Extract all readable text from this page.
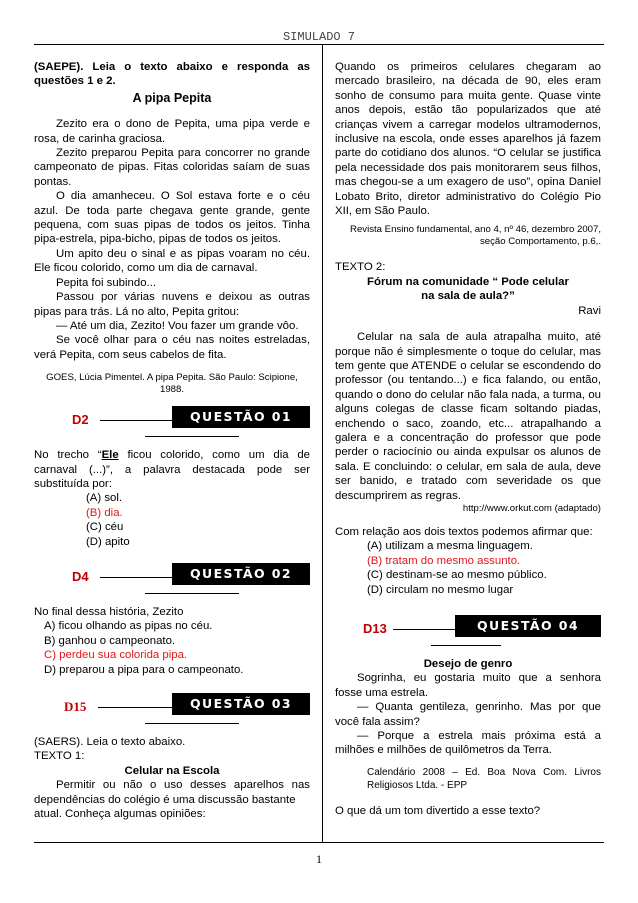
SIMULADO 7

(SAEPE). Leia o texto abaixo e responda as questões 1 e 2.

A pipa Pepita

Zezito era o dono de Pepita, uma pipa verde e rosa, de carinha graciosa.

Zezito preparou Pepita para concorrer no grande campeonato de pipas. Fitas coloridas saíam de suas pontas.

O dia amanheceu. O Sol estava forte e o céu azul. De toda parte chegava gente grande, gente pequena, com suas pipas de todos os jeitos. Tinha pipa-estrela, pipa-bicho, pipas de todos os jeitos.

Um apito deu o sinal e as pipas voaram no céu. Ele ficou colorido, como um dia de carnaval.

Pepita foi subindo...

Passou por várias nuvens e deixou as outras pipas para trás. Lá no alto, Pepita gritou:

— Até um dia, Zezito! Vou fazer um grande vôo.

Se você olhar para o céu nas noites estreladas, verá Pepita, com seus cabelos de fita.

GOES, Lúcia Pimentel. A pipa Pepita. São Paulo: Scipione, 1988.
D2	QUESTÃO 01

No trecho “Ele ficou colorido, como um dia de carnaval (...)”, a palavra destacada pode ser substituída por:

(A) sol.
(B) dia.
(C) céu
(D) apito
D4	QUESTÃO 02

No final dessa história, Zezito

A) ficou olhando as pipas no céu.
B) ganhou o campeonato.
C) perdeu sua colorida pipa.
D) preparou a pipa para o campeonato.
D15	QUESTÃO 03

(SAERS). Leia o texto abaixo.

TEXTO 1:

Celular na Escola

Permitir ou não o uso desses aparelhos nas dependências do colégio é uma discussão bastante

atual. Conheça algumas opiniões:

Quando os primeiros celulares chegaram ao mercado brasileiro, na década de 90, eles eram sonho de consumo para muita gente. Quase vinte anos depois, estão tão popularizados que até crianças vivem a carregar modelos ultramodernos, inclusive na escola, onde esses aparelhos já fazem parte do cotidiano dos alunos. “O celular se justifica pela necessidade dos pais monitorarem seus filhos, mas chegou-se a um exagero de uso”, opina Daniel Lobato Brito, diretor administrativo do Colégio Pio XII, em São Paulo.

Revista Ensino fundamental, ano 4, nº 46, dezembro 2007, seção Comportamento, p.6,.

TEXTO 2:

Fórum na comunidade “ Pode celular

na sala de aula?”

Ravi

Celular na sala de aula atrapalha muito, até porque não é simplesmente o toque do celular, mas tem gente que ATENDE o celular se escondendo do professor (ou tentando...) e fica falando, ou então, quando o dono do celular não fala nada, a turma, ou alguns colegas de classe ficam soltando piadas, enchendo o saco, zoando, etc... atrapalhando a galera e a concentração do professor que pode perder o raciocínio ou ainda expulsar os alunos de sala. E concluindo: o celular, em sala de aula, deve ser banido, e tratado com severidade os que descumprirem as regras.

http://www.orkut.com (adaptado)

Com relação aos dois textos podemos afirmar que:

(A) utilizam a mesma linguagem.
(B) tratam do mesmo assunto.
(C) destinam-se ao mesmo público.
(D) circulam no mesmo lugar
D13	QUESTÃO 04

Desejo de genro

Sogrinha, eu gostaria muito que a senhora fosse uma estrela.

— Quanta gentileza, genrinho. Mas por que você fala assim?

— Porque a estrela mais próxima está a milhões e milhões de quilômetros da Terra.

Calendário 2008 – Ed. Boa Nova Com. Livros Religiosos Ltda. - EPP

O que dá um tom divertido a esse texto?

1
